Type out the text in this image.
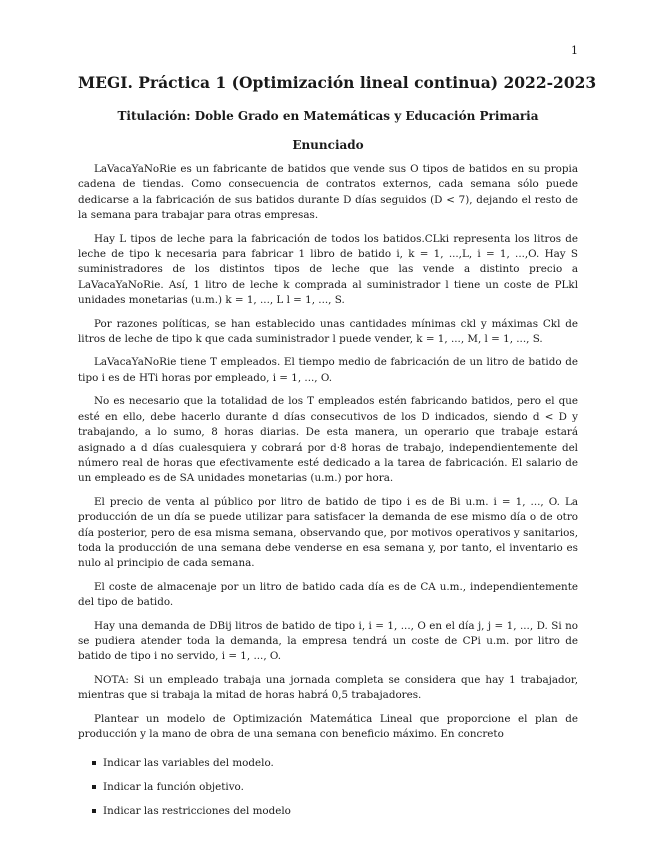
1
MEGI. Práctica 1 (Optimización lineal continua) 2022-2023
Titulación: Doble Grado en Matemáticas y Educación Primaria
Enunciado

LaVacaYaNoRie es un fabricante de batidos que vende sus O tipos de batidos en su propia cadena de tiendas. Como consecuencia de contratos externos, cada semana sólo puede dedicarse a la fabricación de sus batidos durante D días seguidos (D < 7), dejando el resto de la semana para trabajar para otras empresas.

Hay L tipos de leche para la fabricación de todos los batidos.CLki representa los litros de leche de tipo k necesaria para fabricar 1 libro de batido i, k = 1, ...,L, i = 1, ...,O. Hay S suministradores de los distintos tipos de leche que las vende a distinto precio a LaVacaYaNoRie. Así, 1 litro de leche k comprada al suministrador l tiene un coste de PLkl unidades monetarias (u.m.) k = 1, ..., L l = 1, ..., S.

Por razones políticas, se han establecido unas cantidades mínimas ckl y máximas Ckl de litros de leche de tipo k que cada suministrador l puede vender, k = 1, ..., M, l = 1, ..., S.

LaVacaYaNoRie tiene T empleados. El tiempo medio de fabricación de un litro de batido de tipo i es de HTi horas por empleado, i = 1, ..., O.

No es necesario que la totalidad de los T empleados estén fabricando batidos, pero el que esté en ello, debe hacerlo durante d días consecutivos de los D indicados, siendo d < D y trabajando, a lo sumo, 8 horas diarias. De esta manera, un operario que trabaje estará asignado a d días cualesquiera y cobrará por d·8 horas de trabajo, independientemente del número real de horas que efectivamente esté dedicado a la tarea de fabricación. El salario de un empleado es de SA unidades monetarias (u.m.) por hora.

El precio de venta al público por litro de batido de tipo i es de Bi u.m. i = 1, ..., O. La producción de un día se puede utilizar para satisfacer la demanda de ese mismo día o de otro día posterior, pero de esa misma semana, observando que, por motivos operativos y sanitarios, toda la producción de una semana debe venderse en esa semana y, por tanto, el inventario es nulo al principio de cada semana.

El coste de almacenaje por un litro de batido cada día es de CA u.m., independientemente del tipo de batido.

Hay una demanda de DBij litros de batido de tipo i, i = 1, ..., O en el día j, j = 1, ..., D. Si no se pudiera atender toda la demanda, la empresa tendrá un coste de CPi u.m. por litro de batido de tipo i no servido, i = 1, ..., O.

NOTA: Si un empleado trabaja una jornada completa se considera que hay 1 trabajador, mientras que si trabaja la mitad de horas habrá 0,5 trabajadores.

Plantear un modelo de Optimización Matemática Lineal que proporcione el plan de producción y la mano de obra de una semana con beneficio máximo. En concreto

Indicar las variables del modelo.
Indicar la función objetivo.
Indicar las restricciones del modelo
